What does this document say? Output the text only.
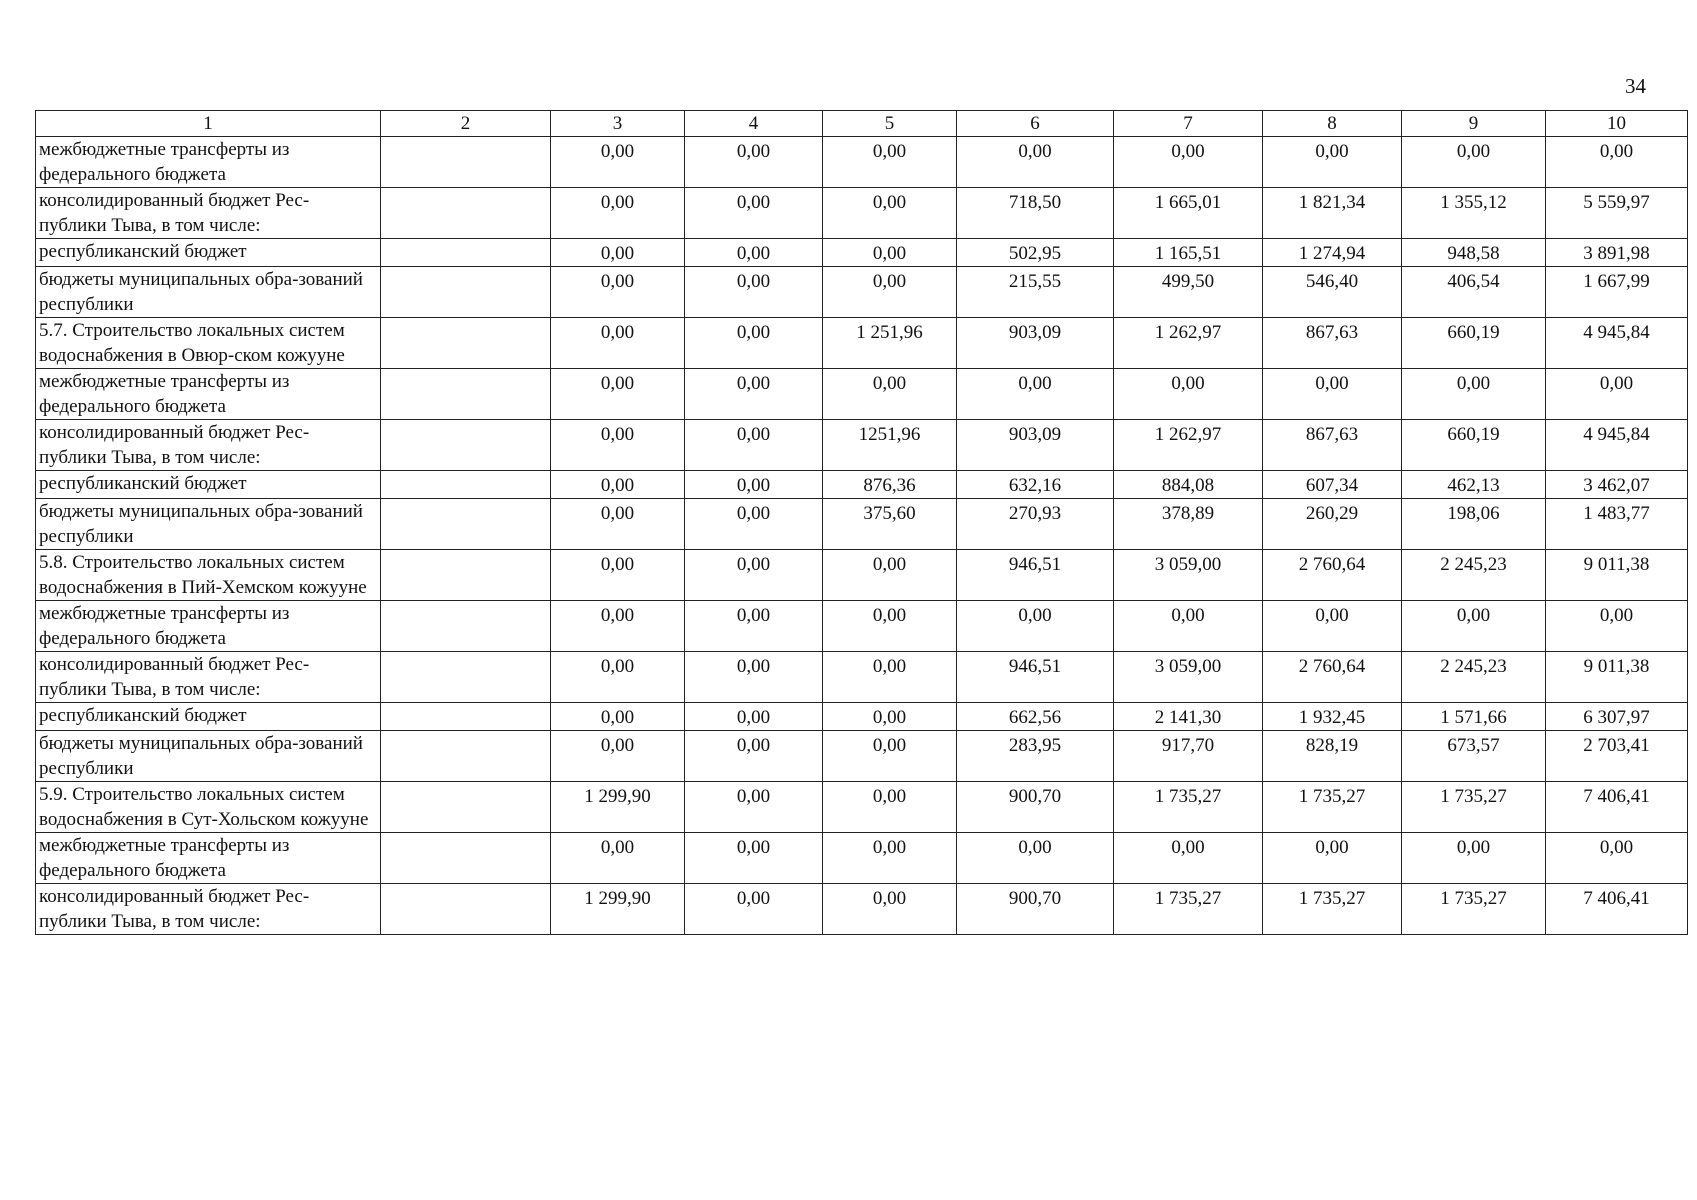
34
1	2	3	4	5	6	7	8	9	10
межбюджетные трансферты из федерального бюджета		0,00	0,00	0,00	0,00	0,00	0,00	0,00	0,00
консолидированный бюджет Рес-публики Тыва, в том числе:		0,00	0,00	0,00	718,50	1 665,01	1 821,34	1 355,12	5 559,97
республиканский бюджет		0,00	0,00	0,00	502,95	1 165,51	1 274,94	948,58	3 891,98
бюджеты муниципальных обра-зований республики		0,00	0,00	0,00	215,55	499,50	546,40	406,54	1 667,99
5.7. Строительство локальных систем водоснабжения в Овюр-ском кожууне		0,00	0,00	1 251,96	903,09	1 262,97	867,63	660,19	4 945,84
межбюджетные трансферты из федерального бюджета		0,00	0,00	0,00	0,00	0,00	0,00	0,00	0,00
консолидированный бюджет Рес-публики Тыва, в том числе:		0,00	0,00	1251,96	903,09	1 262,97	867,63	660,19	4 945,84
республиканский бюджет		0,00	0,00	876,36	632,16	884,08	607,34	462,13	3 462,07
бюджеты муниципальных обра-зований республики		0,00	0,00	375,60	270,93	378,89	260,29	198,06	1 483,77
5.8. Строительство локальных систем водоснабжения в Пий-Хемском кожууне		0,00	0,00	0,00	946,51	3 059,00	2 760,64	2 245,23	9 011,38
межбюджетные трансферты из федерального бюджета		0,00	0,00	0,00	0,00	0,00	0,00	0,00	0,00
консолидированный бюджет Рес-публики Тыва, в том числе:		0,00	0,00	0,00	946,51	3 059,00	2 760,64	2 245,23	9 011,38
республиканский бюджет		0,00	0,00	0,00	662,56	2 141,30	1 932,45	1 571,66	6 307,97
бюджеты муниципальных обра-зований республики		0,00	0,00	0,00	283,95	917,70	828,19	673,57	2 703,41
5.9. Строительство локальных систем водоснабжения в Сут-Хольском кожууне		1 299,90	0,00	0,00	900,70	1 735,27	1 735,27	1 735,27	7 406,41
межбюджетные трансферты из федерального бюджета		0,00	0,00	0,00	0,00	0,00	0,00	0,00	0,00
консолидированный бюджет Рес-публики Тыва, в том числе:		1 299,90	0,00	0,00	900,70	1 735,27	1 735,27	1 735,27	7 406,41
